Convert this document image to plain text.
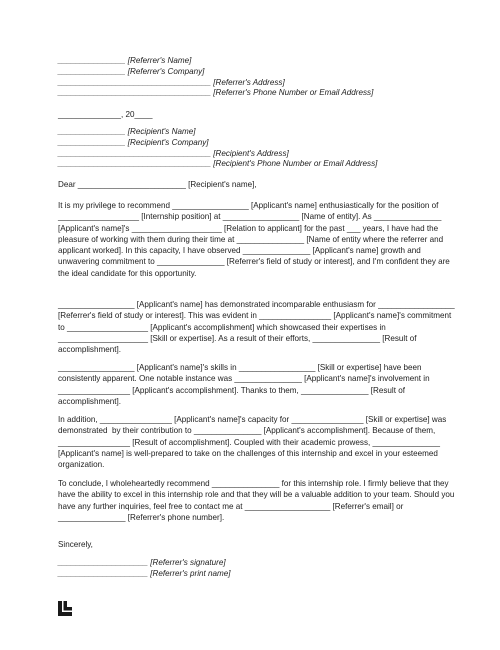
_______________ [Referrer's Name]
_______________ [Referrer's Company]
__________________________________ [Referrer's Address]
__________________________________ [Referrer's Phone Number or Email Address]
______________, 20____
_______________ [Recipient's Name]
_______________ [Recipient's Company]
__________________________________ [Recipient's Address]
__________________________________ [Recipient's Phone Number or Email Address]
Dear ________________________ [Recipient's name],

It is my privilege to recommend _________________ [Applicant's name] enthusiastically for the position of __________________ [Internship position] at _________________ [Name of entity]. As _______________ [Applicant's name]'s ____________________ [Relation to applicant] for the past ___ years, I have had the pleasure of working with them during their time at _______________ [Name of entity where the referrer and applicant worked]. In this capacity, I have observed _______________ [Applicant's name] growth and unwavering commitment to _______________ [Referrer's field of study or interest], and I'm confident they are the ideal candidate for this opportunity.

_________________ [Applicant's name] has demonstrated incomparable enthusiasm for _________________ [Referrer's field of study or interest]. This was evident in ________________ [Applicant's name]'s commitment to __________________ [Applicant's accomplishment] which showcased their expertises in ____________________ [Skill or expertise]. As a result of their efforts, _______________ [Result of accomplishment].

_________________ [Applicant's name]'s skills in _________________ [Skill or expertise] have been consistently apparent. One notable instance was _______________ [Applicant's name]'s involvement in ________________ [Applicant's accomplishment]. Thanks to them, _______________ [Result of accomplishment].

In addition, ________________ [Applicant's name]'s capacity for ________________ [Skill or expertise] was demonstrated  by their contribution to _______________ [Applicant's accomplishment]. Because of them, ________________ [Result of accomplishment]. Coupled with their academic prowess, _______________ [Applicant's name] is well-prepared to take on the challenges of this internship and excel in your esteemed organization.

To conclude, I wholeheartedly recommend _______________ for this internship role. I firmly believe that they have the ability to excel in this internship role and that they will be a valuable addition to your team. Should you have any further inquiries, feel free to contact me at ___________________ [Referrer's email] or _______________ [Referrer's phone number].

Sincerely,
____________________ [Referrer's signature]
____________________ [Referrer's print name]
